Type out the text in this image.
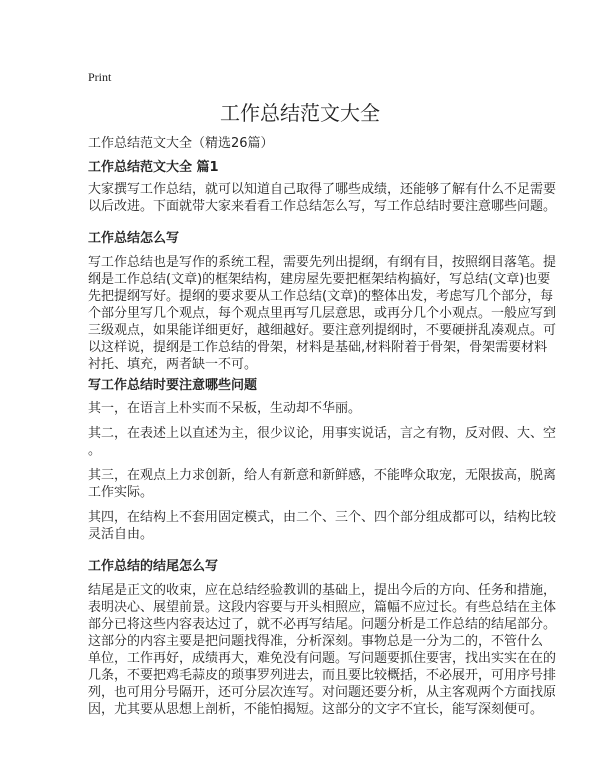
Print
工作总结范文大全
工作总结范文大全（精选26篇）
工作总结范文大全 篇1
大家撰写工作总结，就可以知道自己取得了哪些成绩，还能够了解有什么不足需要
以后改进。下面就带大家来看看工作总结怎么写，写工作总结时要注意哪些问题。
工作总结怎么写
写工作总结也是写作的系统工程，需要先列出提纲，有纲有目，按照纲目落笔。提
纲是工作总结(文章)的框架结构，建房屋先要把框架结构搞好，写总结(文章)也要
先把提纲写好。提纲的要求要从工作总结(文章)的整体出发，考虑写几个部分，每
个部分里写几个观点，每个观点里再写几层意思，或再分几个小观点。一般应写到
三级观点，如果能详细更好，越细越好。要注意列提纲时，不要硬拼乱凑观点。可
以这样说，提纲是工作总结的骨架，材料是基础,材料附着于骨架，骨架需要材料
衬托、填充，两者缺一不可。
写工作总结时要注意哪些问题
其一，在语言上朴实而不呆板，生动却不华丽。
其二，在表述上以直述为主，很少议论，用事实说话，言之有物，反对假、大、空
。
其三，在观点上力求创新，给人有新意和新鲜感，不能哗众取宠，无限拔高，脱离
工作实际。
其四，在结构上不套用固定模式，由二个、三个、四个部分组成都可以，结构比较
灵活自由。
工作总结的结尾怎么写
结尾是正文的收束，应在总结经验教训的基础上，提出今后的方向、任务和措施，
表明决心、展望前景。这段内容要与开头相照应，篇幅不应过长。有些总结在主体
部分已将这些内容表达过了，就不必再写结尾。问题分析是工作总结的结尾部分。
这部分的内容主要是把问题找得准，分析深刻。事物总是一分为二的，不管什么
单位，工作再好，成绩再大，难免没有问题。写问题要抓住要害，找出实实在在的
几条，不要把鸡毛蒜皮的琐事罗列进去，而且要比较概括，不必展开，可用序号排
列，也可用分号隔开，还可分层次连写。对问题还要分析，从主客观两个方面找原
因，尤其要从思想上剖析，不能怕揭短。这部分的文字不宜长，能写深刻便可。
